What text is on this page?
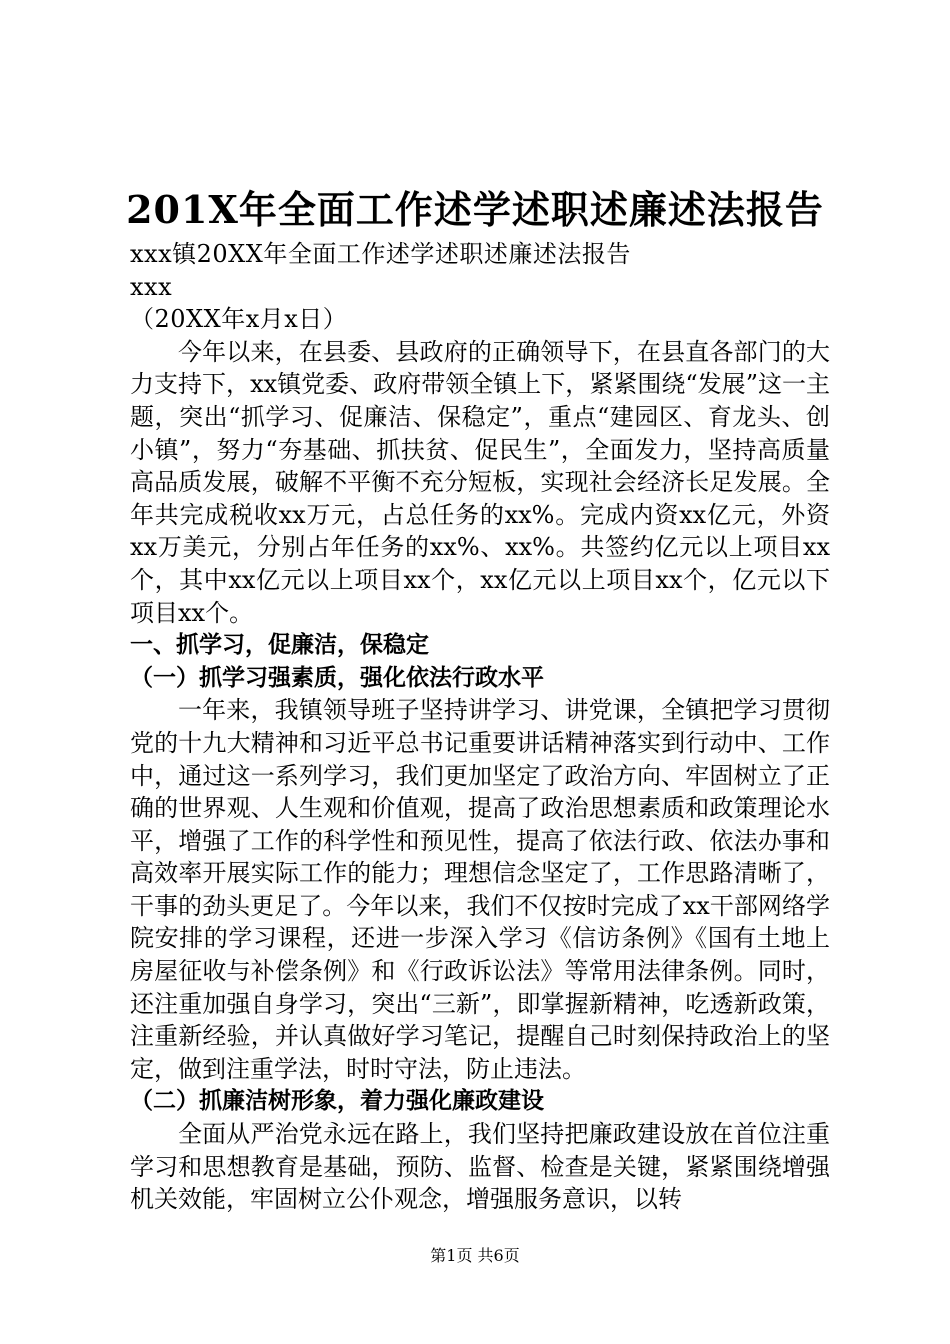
201X年全面工作述学述职述廉述法报告

xxx镇20XX年全面工作述学述职述廉述法报告

xxx

（20XX年x月x日）

今年以来，在县委、县政府的正确领导下，在县直各部门的大力支持下，xx镇党委、政府带领全镇上下，紧紧围绕“发展”这一主题，突出“抓学习、促廉洁、保稳定”，重点“建园区、育龙头、创小镇”，努力“夯基础、抓扶贫、促民生”，全面发力，坚持高质量高品质发展，破解不平衡不充分短板，实现社会经济长足发展。全年共完成税收xx万元，占总任务的xx%。完成内资xx亿元，外资xx万美元，分别占年任务的xx%、xx%。共签约亿元以上项目xx个，其中xx亿元以上项目xx个，xx亿元以上项目xx个，亿元以下项目xx个。

一、抓学习，促廉洁，保稳定

（一）抓学习强素质，强化依法行政水平

一年来，我镇领导班子坚持讲学习、讲党课，全镇把学习贯彻党的十九大精神和习近平总书记重要讲话精神落实到行动中、工作中，通过这一系列学习，我们更加坚定了政治方向、牢固树立了正确的世界观、人生观和价值观，提高了政治思想素质和政策理论水平，增强了工作的科学性和预见性，提高了依法行政、依法办事和高效率开展实际工作的能力；理想信念坚定了，工作思路清晰了，干事的劲头更足了。今年以来，我们不仅按时完成了xx干部网络学院安排的学习课程，还进一步深入学习《信访条例》《国有土地上房屋征收与补偿条例》和《行政诉讼法》等常用法律条例。同时，还注重加强自身学习，突出“三新”，即掌握新精神，吃透新政策，注重新经验，并认真做好学习笔记，提醒自己时刻保持政治上的坚定，做到注重学法，时时守法，防止违法。

（二）抓廉洁树形象，着力强化廉政建设

全面从严治党永远在路上，我们坚持把廉政建设放在首位注重学习和思想教育是基础，预防、监督、检查是关键，紧紧围绕增强机关效能，牢固树立公仆观念，增强服务意识，以转

第1页 共6页
